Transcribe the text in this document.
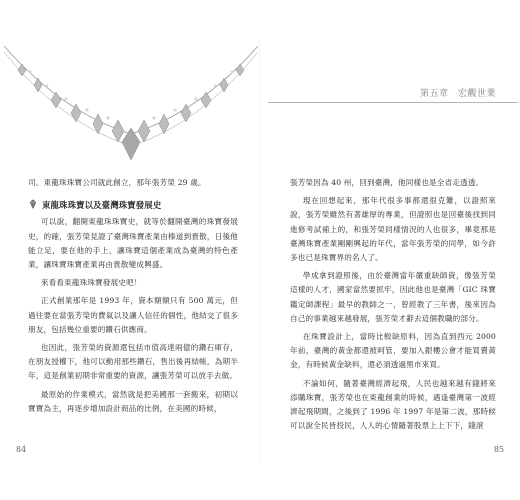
司。東龍珠珠寶公司就此創立，那年張芳榮 29 歲。

東龍珠珠寶以及臺灣珠寶發展史

可以說，翻開東龍珠珠寶史，就等於翻開臺灣的珠寶發展史，的確，張芳榮見證了臺灣珠寶產業由榛道到貴散，日後他能立足，要在他的手上，讓珠寶這個產業成為臺灣的特色產業，讓珠寶珠寶產業再由貴散變成興盛。

來看看東龍珠珠寶發展史吧！

正式創業那年是 1993 年，資本額額只有 500 萬元，但過往要在當張芳榮的費氣以及讓人信任的個性，他結交了很多朋友，包括幾位重要的鑽石供應商。

也因此，張芳榮的資源還包括市值高達兩億的鑽石庫存，在朋友授權下，他可以動用那些鑽石，售出後再結帳，為期半年，這是創業初期非常重要的資源，讓張芳榮可以放手去做。

最原始的作業模式，當然就是把美國那一套搬來，初期以寶寶為主，再逐步增加設計商品的比例，在美國的時候，

84
第五章　宏觀世業

張芳榮因為 40 州，回到臺灣，他同樣也是全省走透透。

現在回想起來，那年代很多事都還很克難，以證照來說，張芳榮雖然有著雄厚的專業，但證照也是回臺後找到同進修考試補上的，和張芳榮同樣情況的人也很多，畢竟那是臺灣珠寶產業剛剛興起的年代，當年張芳榮的同學，如今許多也已是珠寶界的名人了。

學成拿到證照後，由於臺灣當年嚴重缺師資，像張芳榮這樣的人才，國家當然要抓牢，因此他也是臺灣「GIC 珠寶鑑定師課程」最早的教師之一，曾經教了三年書，後來因為自己的事業越來越發展，張芳榮才辭去這個教職的部分。

在珠寶設計上，當時比較缺原料，因為直到西元 2000 年前，臺灣的黃金都還被呵管，要加入銀樓公會才能買賣黃金，有時候黃金缺料，還必須透過黑市來買。

不論如何，隨著臺灣經濟起飛，人民也越來越有錢將來添購珠寶，張芳榮也在東龍創業的時候，遇逢臺灣第一波經濟起飛期間，之後到了 1996 年 1997 年是第二波，那時候可以說全民皆投民，人人的心情隨著股票上上下下，錢滾

85
